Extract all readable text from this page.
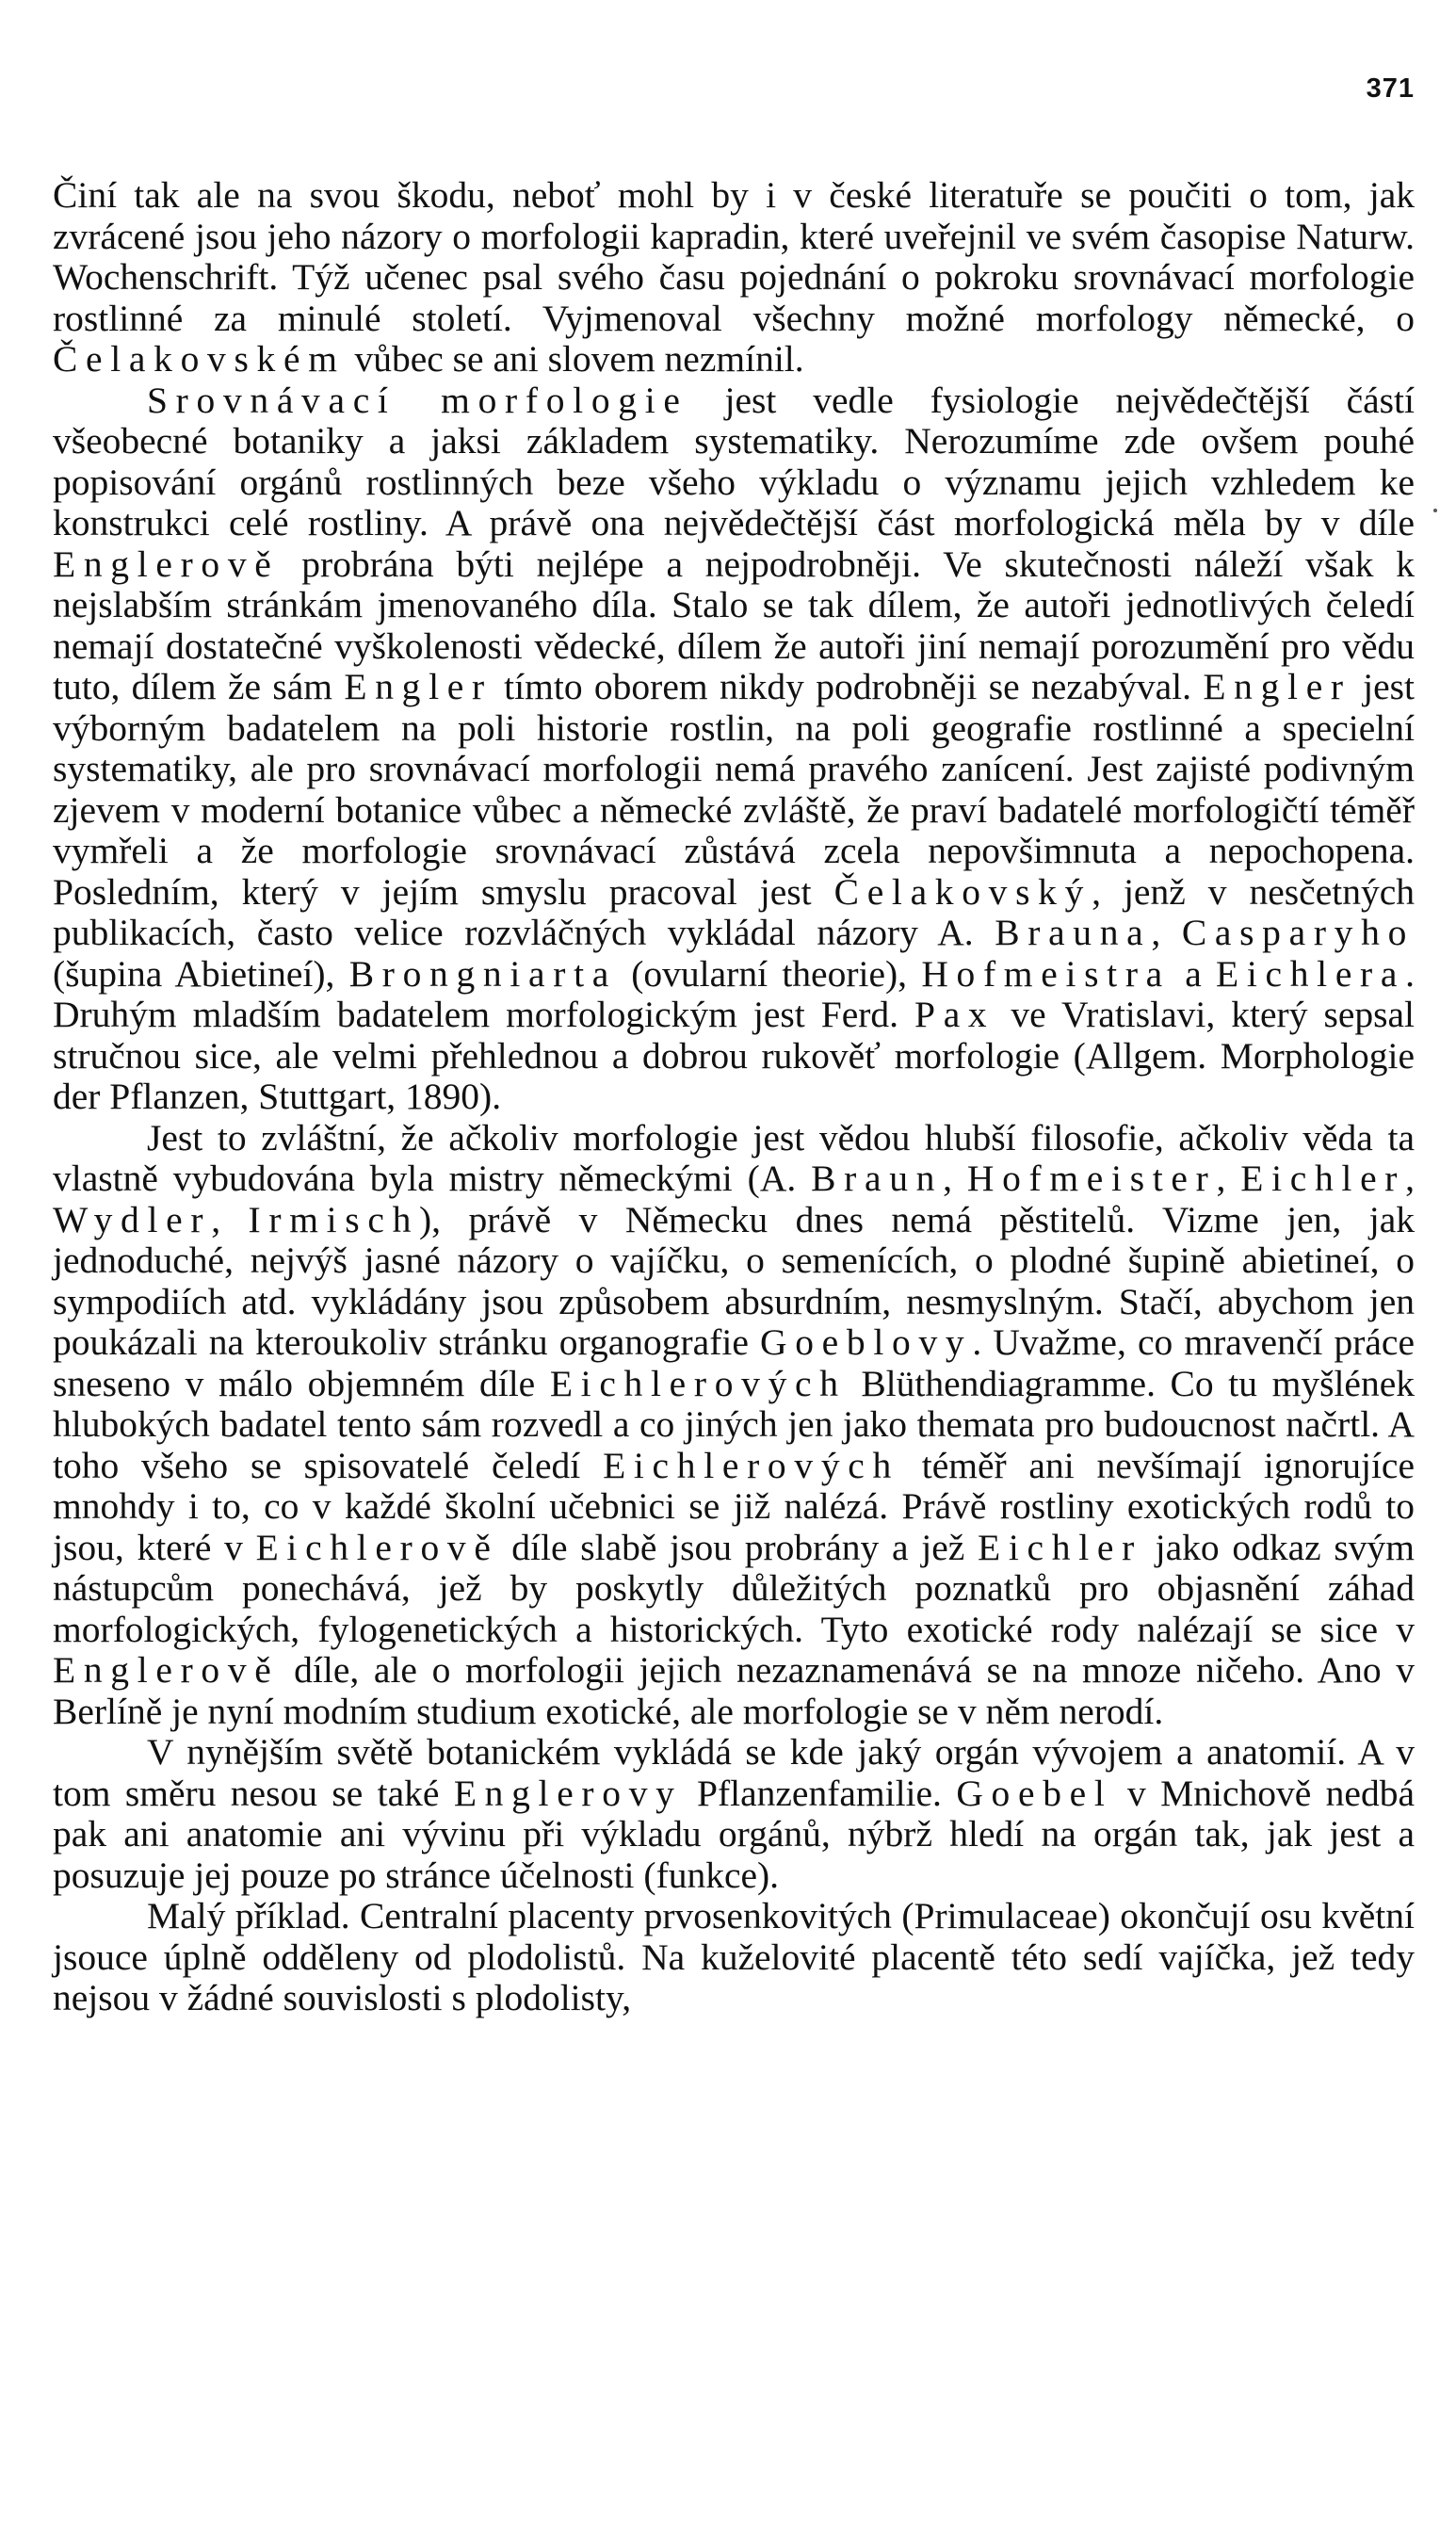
371

Činí tak ale na svou škodu, neboť mohl by i v české literatuře se poučiti o tom, jak zvrácené jsou jeho názory o morfologii kapradin, které uveřejnil ve svém časopise Naturw. Wochenschrift. Týž učenec psal svého času pojednání o pokroku srovnávací morfologie rostlinné za minulé století. Vyjmenoval všechny možné morfology německé, o Čelakovském vůbec se ani slovem nezmínil.

Srovnávací morfologie jest vedle fysiologie nejvědečtější částí všeobecné botaniky a jaksi základem systematiky. Nerozumíme zde ovšem pouhé popisování orgánů rostlinných beze všeho výkladu o významu jejich vzhledem ke konstrukci celé rostliny. A právě ona nejvědečtější část morfologická měla by v díle Englerově probrána býti nejlépe a nejpodrobněji. Ve skutečnosti náleží však k nejslabším stránkám jmenovaného díla. Stalo se tak dílem, že autoři jednotlivých čeledí nemají dostatečné vyškolenosti vědecké, dílem že autoři jiní nemají porozumění pro vědu tuto, dílem že sám Engler tímto oborem nikdy podrobněji se nezabýval. Engler jest výborným badatelem na poli historie rostlin, na poli geografie rostlinné a specielní systematiky, ale pro srovnávací morfologii nemá pravého zanícení. Jest zajisté podivným zjevem v moderní botanice vůbec a německé zvláště, že praví badatelé morfologičtí téměř vymřeli a že morfologie srovnávací zůstává zcela nepovšimnuta a nepochopena. Posledním, který v jejím smyslu pracoval jest Čelakovský, jenž v nesčetných publikacích, často velice rozvláčných vykládal názory A. Brauna, Casparyho (šupina Abietineí), Brongniarta (ovularní theorie), Hofmeistra a Eichlera. Druhým mladším badatelem morfologickým jest Ferd. Pax ve Vratislavi, který sepsal stručnou sice, ale velmi přehlednou a dobrou rukověť morfologie (Allgem. Morphologie der Pflanzen, Stuttgart, 1890).

Jest to zvláštní, že ačkoliv morfologie jest vědou hlubší filosofie, ačkoliv věda ta vlastně vybudována byla mistry německými (A. Braun, Hofmeister, Eichler, Wydler, Irmisch), právě v Německu dnes nemá pěstitelů. Vizme jen, jak jednoduché, nejvýš jasné názory o vajíčku, o semenících, o plodné šupině abietineí, o sympodiích atd. vykládány jsou způsobem absurdním, nesmyslným. Stačí, abychom jen poukázali na kteroukoliv stránku organografie Goeblovy. Uvažme, co mravenčí práce sneseno v málo objemném díle Eichlerových Blüthendiagramme. Co tu myšlének hlubokých badatel tento sám rozvedl a co jiných jen jako themata pro budoucnost načrtl. A toho všeho se spisovatelé čeledí Eichlerových téměř ani nevšímají ignorujíce mnohdy i to, co v každé školní učebnici se již nalézá. Právě rostliny exotických rodů to jsou, které v Eichlerově díle slabě jsou probrány a jež Eichler jako odkaz svým nástupcům ponechává, jež by poskytly důležitých poznatků pro objasnění záhad morfologických, fylogenetických a historických. Tyto exotické rody nalézají se sice v Englerově díle, ale o morfologii jejich nezaznamenává se na mnoze ničeho. Ano v Berlíně je nyní modním studium exotické, ale morfologie se v něm nerodí.

V nynějším světě botanickém vykládá se kde jaký orgán vývojem a anatomií. A v tom směru nesou se také Englerovy Pflanzenfamilie. Goebel v Mnichově nedbá pak ani anatomie ani vývinu při výkladu orgánů, nýbrž hledí na orgán tak, jak jest a posuzuje jej pouze po stránce účelnosti (funkce).

Malý příklad. Centralní placenty prvosenkovitých (Primulaceae) okončují osu květní jsouce úplně odděleny od plodolistů. Na kuželovité placentě této sedí vajíčka, jež tedy nejsou v žádné souvislosti s plodolisty,
